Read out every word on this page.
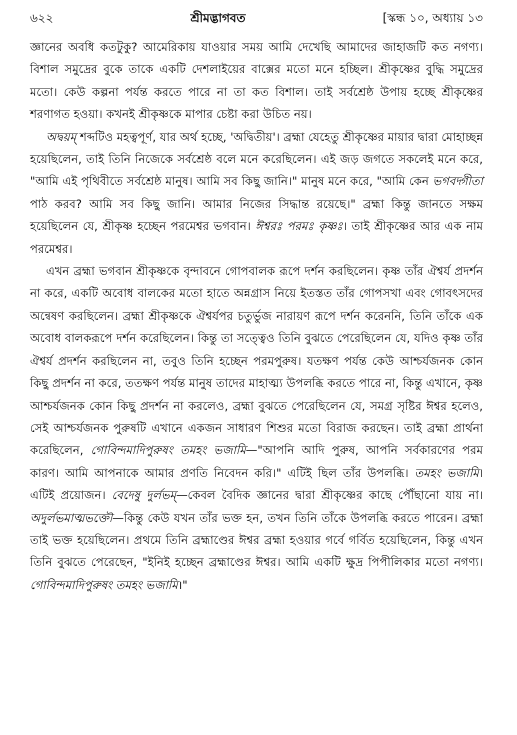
৬২২	শ্রীমদ্ভাগবত	[স্কন্ধ ১০, অধ্যায় ১৩

জ্ঞানের অবধি কতটুকু? আমেরিকায় যাওয়ার সময় আমি দেখেছি আমাদের জাহাজটি কত নগণ্য। বিশাল সমুদ্রের বুকে তাকে একটি দেশলাইয়ের বাক্সের মতো মনে হচ্ছিল। শ্রীকৃষ্ণের বুদ্ধি সমুদ্রের মতো। কেউ কল্পনা পর্যন্ত করতে পারে না তা কত বিশাল। তাই সর্বশ্রেষ্ঠ উপায় হচ্ছে শ্রীকৃষ্ণের শরণাগত হওয়া। কখনই শ্রীকৃষ্ণকে মাপার চেষ্টা করা উচিত নয়।

অদ্বয়ম্‌ শব্দটিও মহত্বপূর্ণ, যার অর্থ হচ্ছে, 'অদ্বিতীয়'। ব্রহ্মা যেহেতু শ্রীকৃষ্ণের মায়ার দ্বারা মোহাচ্ছন্ন হয়েছিলেন, তাই তিনি নিজেকে সর্বশ্রেষ্ঠ বলে মনে করেছিলেন। এই জড় জগতে সকলেই মনে করে, "আমি এই পৃথিবীতে সর্বশ্রেষ্ঠ মানুষ। আমি সব কিছু জানি।" মানুষ মনে করে, "আমি কেন ভগবদ্গীতা পাঠ করব? আমি সব কিছু জানি। আমার নিজের সিদ্ধান্ত রয়েছে।" ব্রহ্মা কিন্তু জানতে সক্ষম হয়েছিলেন যে, শ্রীকৃষ্ণ হচ্ছেন পরমেশ্বর ভগবান। ঈশ্বরঃ পরমঃ কৃষ্ণঃ। তাই শ্রীকৃষ্ণের আর এক নাম পরমেশ্বর।

এখন ব্রহ্মা ভগবান শ্রীকৃষ্ণকে বৃন্দাবনে গোপবালক রূপে দর্শন করছিলেন। কৃষ্ণ তাঁর ঐশ্বর্য প্রদর্শন না করে, একটি অবোধ বালকের মতো হাতে অন্নগ্রাস নিয়ে ইতস্তত তাঁর গোপসখা এবং গোবৎসদের অন্বেষণ করছিলেন। ব্রহ্মা শ্রীকৃষ্ণকে ঐশ্বর্যপর চতুর্ভুজ নারায়ণ রূপে দর্শন করেননি, তিনি তাঁকে এক অবোধ বালকরূপে দর্শন করেছিলেন। কিন্তু তা সত্ত্বেও তিনি বুঝতে পেরেছিলেন যে, যদিও কৃষ্ণ তাঁর ঐশ্বর্য প্রদর্শন করছিলেন না, তবুও তিনি হচ্ছেন পরমপুরুষ। যতক্ষণ পর্যন্ত কেউ আশ্চর্যজনক কোন কিছু প্রদর্শন না করে, ততক্ষণ পর্যন্ত মানুষ তাদের মাহাত্ম্য উপলব্ধি করতে পারে না, কিন্তু এখানে, কৃষ্ণ আশ্চর্যজনক কোন কিছু প্রদর্শন না করলেও, ব্রহ্মা বুঝতে পেরেছিলেন যে, সমগ্র সৃষ্টির ঈশ্বর হলেও, সেই আশ্চর্যজনক পুরুষটি এখানে একজন সাধারণ শিশুর মতো বিরাজ করছেন। তাই ব্রহ্মা প্রার্থনা করেছিলেন, গোবিন্দমাদিপুরুষং তমহং ভজামি—"আপনি আদি পুরুষ, আপনি সর্বকারণের পরম কারণ। আমি আপনাকে আমার প্রণতি নিবেদন করি।" এটিই ছিল তাঁর উপলব্ধি। তমহং ভজামি। এটিই প্রয়োজন। বেদেষু দুর্লভম্‌—কেবল বৈদিক জ্ঞানের দ্বারা শ্রীকৃষ্ণের কাছে পৌঁছানো যায় না। অদুর্লভমাত্মভক্তৌ—কিন্তু কেউ যখন তাঁর ভক্ত হন, তখন তিনি তাঁকে উপলব্ধি করতে পারেন। ব্রহ্মা তাই ভক্ত হয়েছিলেন। প্রথমে তিনি ব্রহ্মাণ্ডের ঈশ্বর ব্রহ্মা হওয়ার গর্বে গর্বিত হয়েছিলেন, কিন্তু এখন তিনি বুঝতে পেরেছেন, "ইনিই হচ্ছেন ব্রহ্মাণ্ডের ঈশ্বর। আমি একটি ক্ষুদ্র পিপীলিকার মতো নগণ্য। গোবিন্দমাদিপুরুষং তমহং ভজামি।"
